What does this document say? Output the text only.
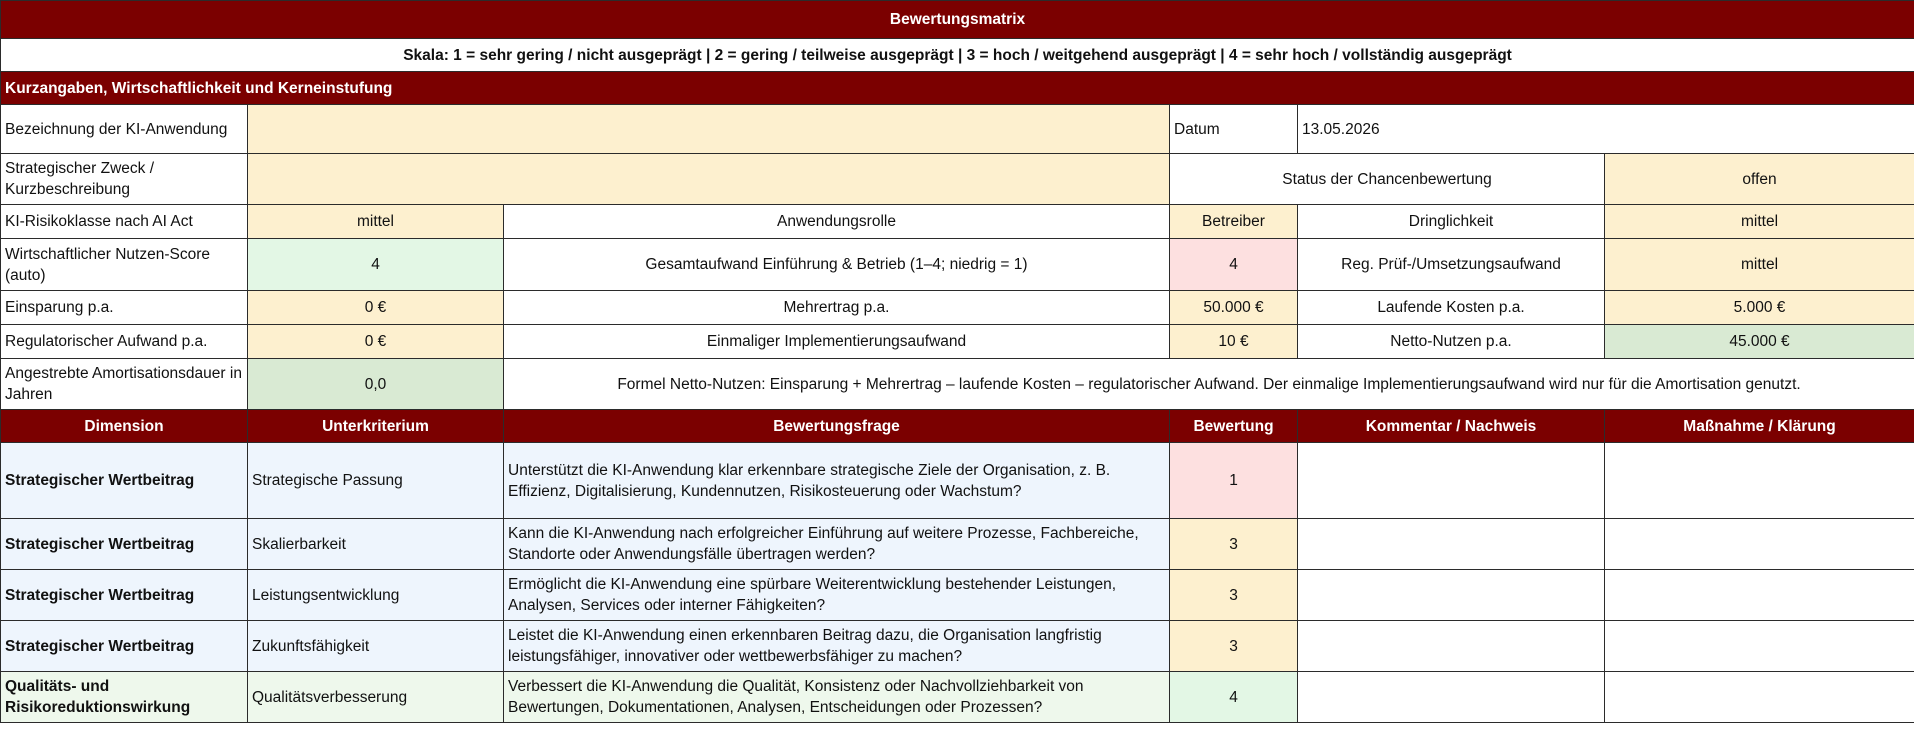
Bewertungsmatrix					
Skala: 1 = sehr gering / nicht ausgeprägt | 2 = gering / teilweise ausgeprägt | 3 = hoch / weitgehend ausgeprägt | 4 = sehr hoch / vollständig ausgeprägt					
Kurzangaben, Wirtschaftlichkeit und Kerneinstufung					
Bezeichnung der KI-Anwendung			Datum	13.05.2026	
Strategischer Zweck / Kurzbeschreibung			Status der Chancenbewertung		offen
KI-Risikoklasse nach AI Act	mittel	Anwendungsrolle	Betreiber	Dringlichkeit	mittel
Wirtschaftlicher Nutzen-Score (auto)	4	Gesamtaufwand Einführung & Betrieb (1–4; niedrig = 1)	4	Reg. Prüf-/Umsetzungsaufwand	mittel
Einsparung p.a.	0 €	Mehrertrag p.a.	50.000 €	Laufende Kosten p.a.	5.000 €
Regulatorischer Aufwand p.a.	0 €	Einmaliger Implementierungsaufwand	10 €	Netto-Nutzen p.a.	45.000 €
Angestrebte Amortisationsdauer in Jahren	0,0	Formel Netto-Nutzen: Einsparung + Mehrertrag – laufende Kosten – regulatorischer Aufwand. Der einmalige Implementierungsaufwand wird nur für die Amortisation genutzt.			
Dimension	Unterkriterium	Bewertungsfrage	Bewertung	Kommentar / Nachweis	Maßnahme / Klärung
Strategischer Wertbeitrag	Strategische Passung	Unterstützt die KI-Anwendung klar erkennbare strategische Ziele der Organisation, z. B. Effizienz, Digitalisierung, Kundennutzen, Risikosteuerung oder Wachstum?	1		
Strategischer Wertbeitrag	Skalierbarkeit	Kann die KI-Anwendung nach erfolgreicher Einführung auf weitere Prozesse, Fachbereiche, Standorte oder Anwendungsfälle übertragen werden?	3		
Strategischer Wertbeitrag	Leistungsentwicklung	Ermöglicht die KI-Anwendung eine spürbare Weiterentwicklung bestehender Leistungen, Analysen, Services oder interner Fähigkeiten?	3		
Strategischer Wertbeitrag	Zukunftsfähigkeit	Leistet die KI-Anwendung einen erkennbaren Beitrag dazu, die Organisation langfristig leistungsfähiger, innovativer oder wettbewerbsfähiger zu machen?	3		
Qualitäts- und Risikoreduktionswirkung	Qualitätsverbesserung	Verbessert die KI-Anwendung die Qualität, Konsistenz oder Nachvollziehbarkeit von Bewertungen, Dokumentationen, Analysen, Entscheidungen oder Prozessen?	4		
